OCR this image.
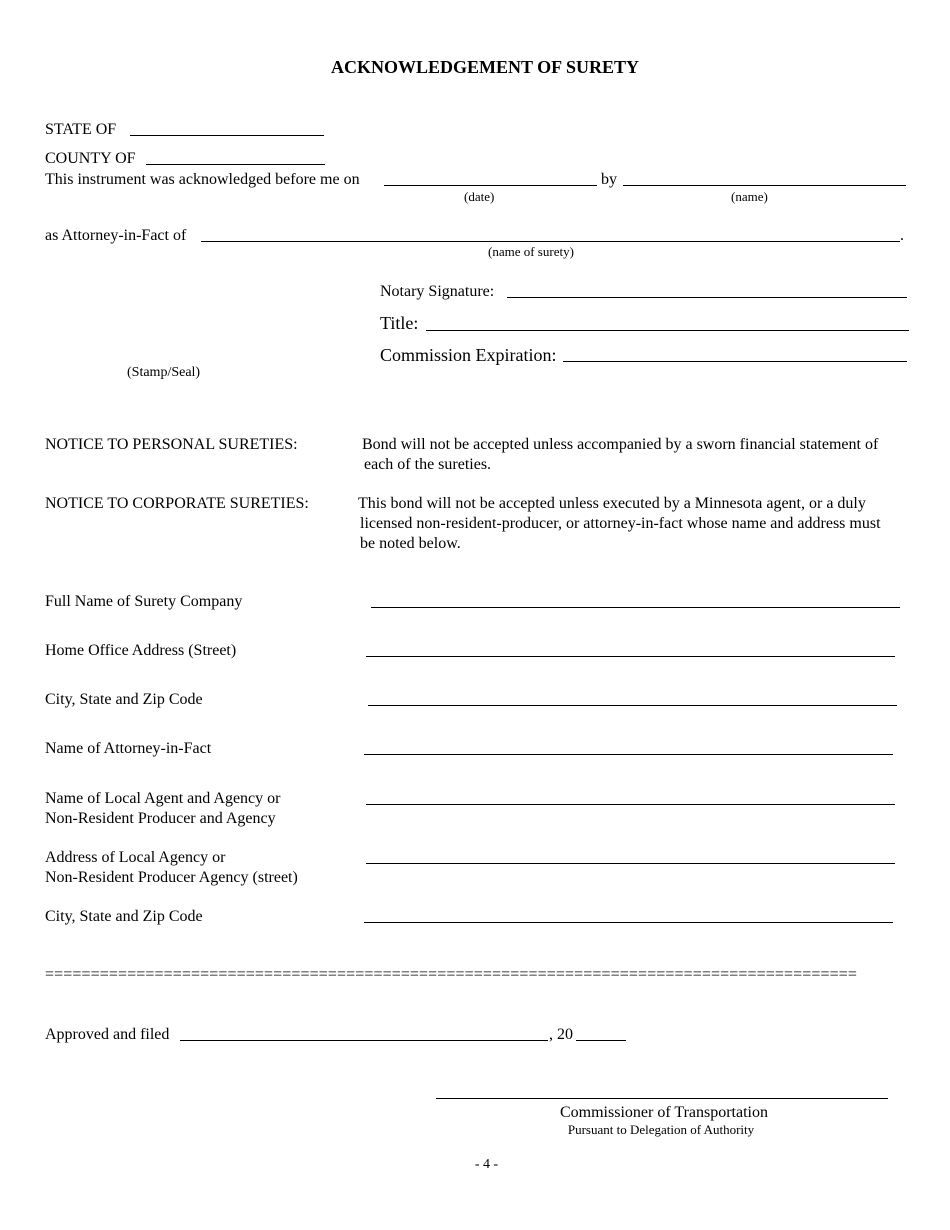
ACKNOWLEDGEMENT OF SURETY
STATE OF
COUNTY OF
This instrument was acknowledged before me on	by
(date)	(name)
as Attorney-in-Fact of	.
(name of surety)
Notary Signature:
Title:
Commission Expiration:
(Stamp/Seal)
NOTICE TO PERSONAL SURETIES:	Bond will not be accepted unless accompanied by a sworn financial statement of
each of the sureties.
NOTICE TO CORPORATE SURETIES:	This bond will not be accepted unless executed by a Minnesota agent, or a duly
licensed non-resident-producer, or attorney-in-fact whose name and address must
be noted below.
Full Name of Surety Company
Home Office Address (Street)
City, State and Zip Code
Name of Attorney-in-Fact
Name of Local Agent and Agency or
Non-Resident Producer and Agency
Address of Local Agency or
Non-Resident Producer Agency (street)
City, State and Zip Code
=========================================================================================
Approved and filed	, 20
Commissioner of Transportation
Pursuant to Delegation of Authority
- 4 -
